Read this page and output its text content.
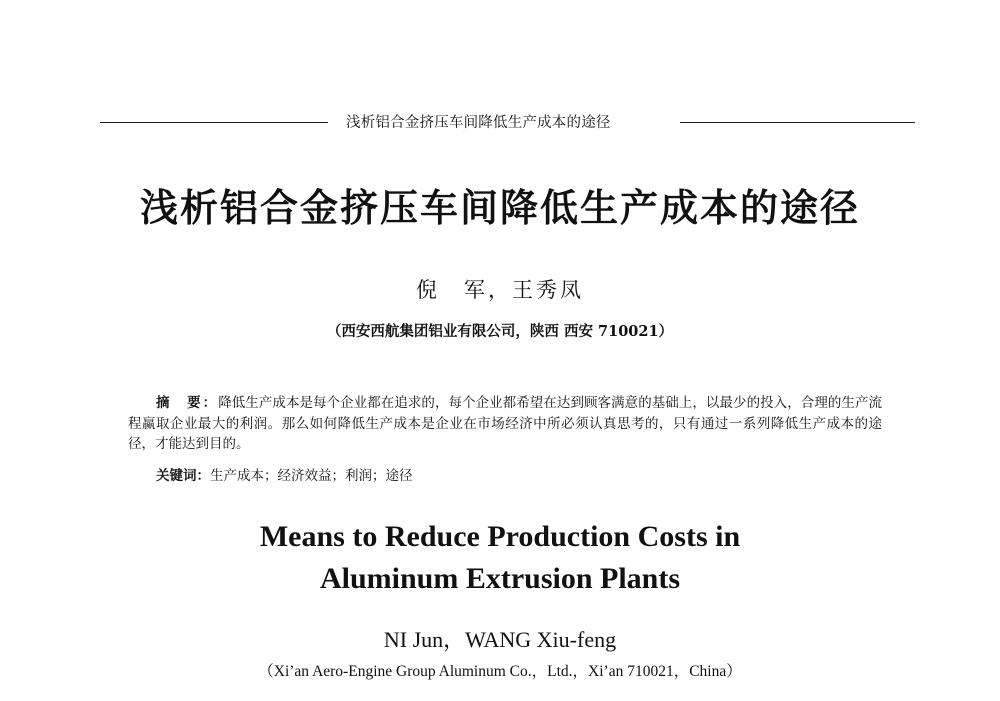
浅析铝合金挤压车间降低生产成本的途径
浅析铝合金挤压车间降低生产成本的途径
倪　军，王秀凤
（西安西航集团铝业有限公司，陕西 西安 710021）
摘　要：降低生产成本是每个企业都在追求的，每个企业都希望在达到顾客满意的基础上，以最少的投入，合理的生产流程赢取企业最大的利润。那么如何降低生产成本是企业在市场经济中所必须认真思考的，只有通过一系列降低生产成本的途径，才能达到目的。
关键词：生产成本；经济效益；利润；途径
Means to Reduce Production Costs in
Aluminum Extrusion Plants
NI Jun，WANG Xiu-feng
（Xi’an Aero-Engine Group Aluminum Co.，Ltd.，Xi’an 710021，China）
